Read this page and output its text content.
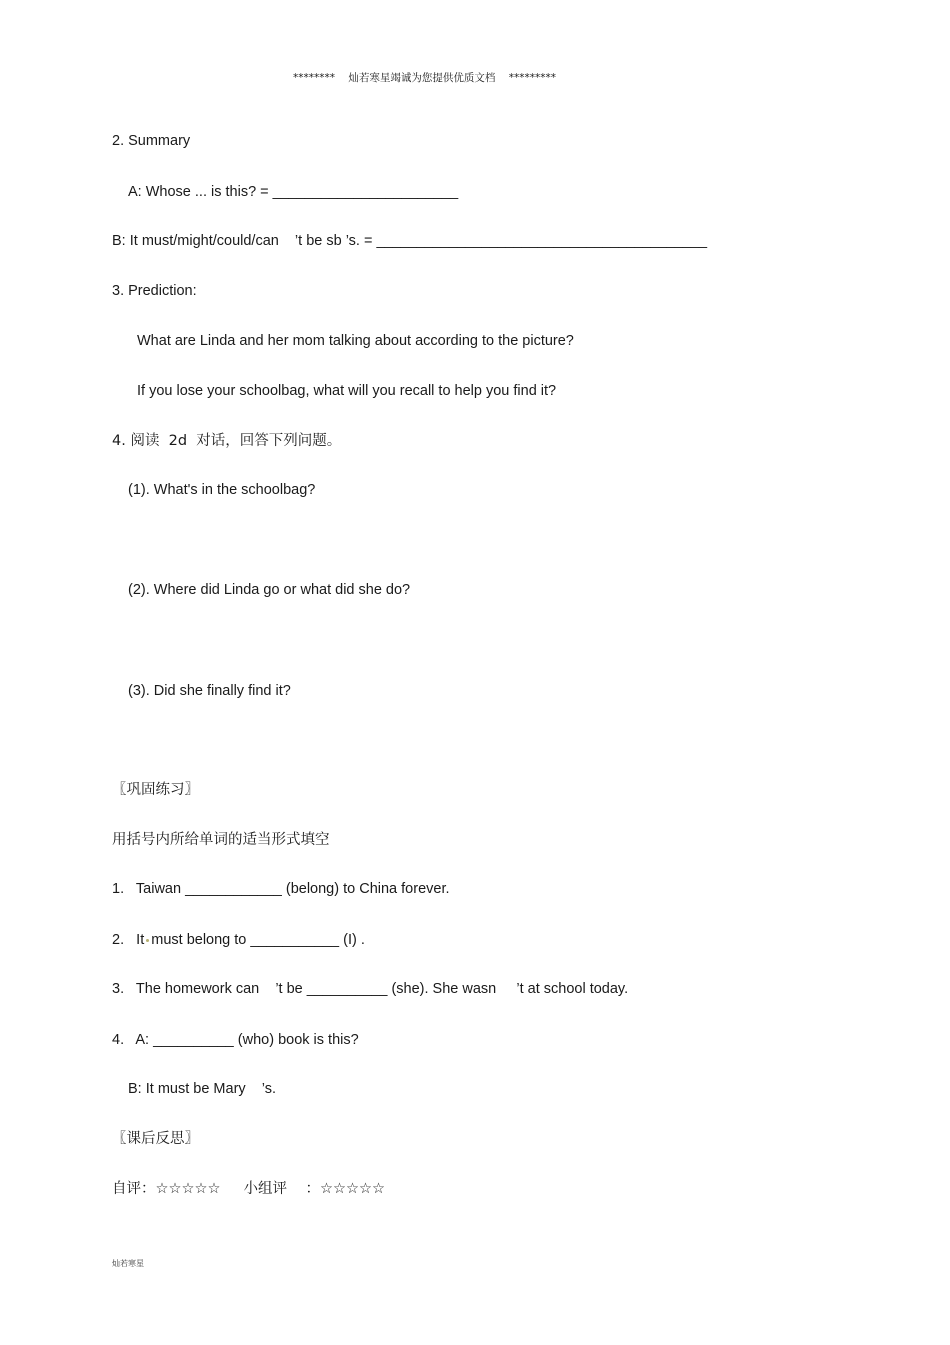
********    灿若寒星竭诚为您提供优质文档    *********
2. Summary
A: Whose ... is this? = _______________________
B: It must/might/could/can    ’t be sb ’s. = _________________________________________
3. Prediction:
What are Linda and her mom talking about according to the picture?
If you lose your schoolbag, what will you recall to help you find it?
4. 阅读  2d  对话，回答下列问题。
(1). What's in the schoolbag?
(2). Where did Linda go or what did she do?
(3). Did she finally find it?
〖巩固练习〗
用括号内所给单词的适当形式填空
1.   Taiwan ____________ (belong) to China forever.
2.   It must belong to ___________ (I) .
3.   The homework can    ’t be __________ (she). She wasn     ’t at school today.
4.   A: __________ (who) book is this?
B: It must be Mary    ’s.
〖课后反思〗
自评：☆☆☆☆☆     小组评    ：☆☆☆☆☆
灿若寒星
